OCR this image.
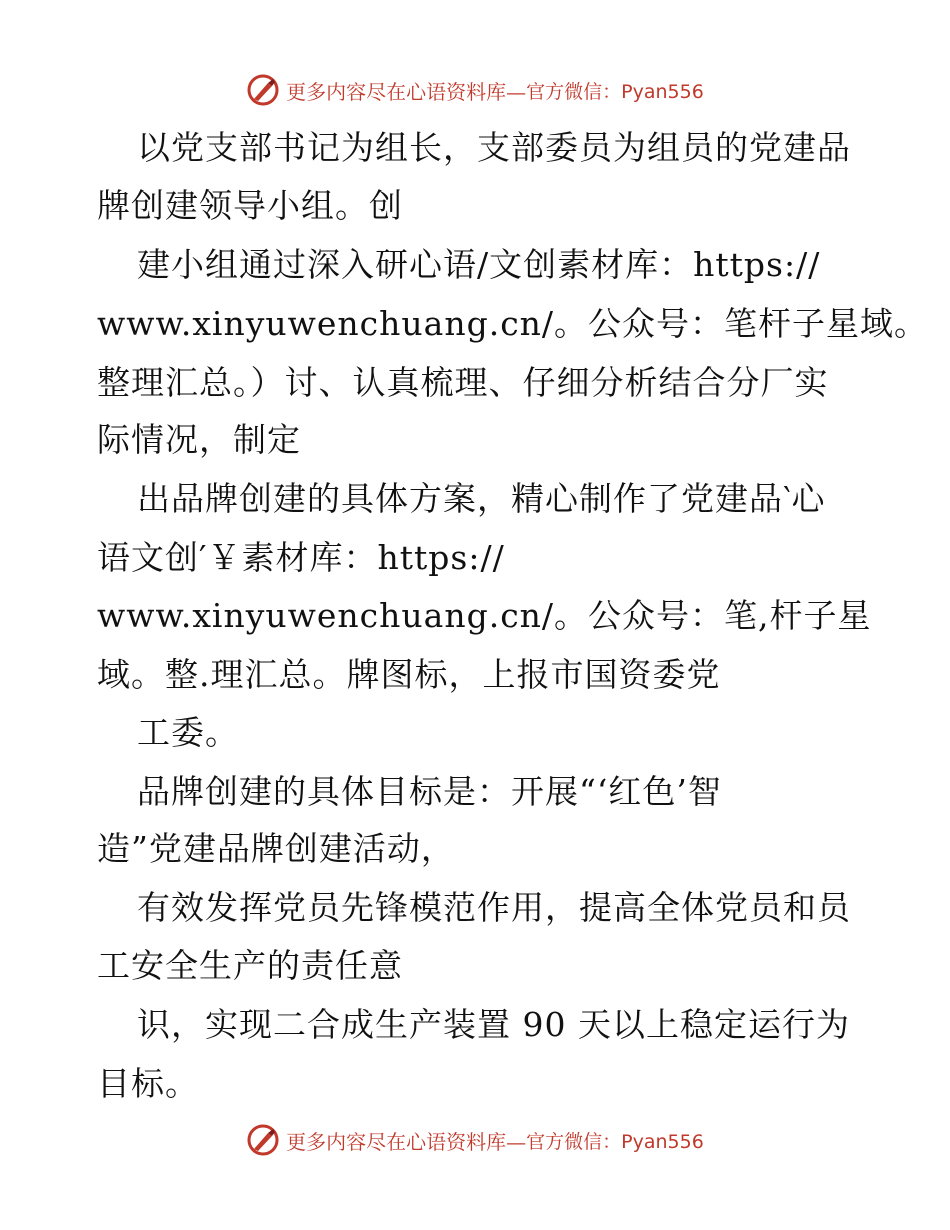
更多内容尽在心语资料库— 官方微信：Pyan556
以党支部书记为组长，支部委员为组员的党建品
牌创建领导小组。创
建小组通过深入研心语/文创素材库：https://
www.xinyuwenchuang.cn/。公众号：笔杆子星域。
整理汇总。）讨、认真梳理、仔细分析结合分厂实
际情况，制定
出品牌创建的具体方案，精心制作了党建品‵心
语文创′￥素材库：https://
www.xinyuwenchuang.cn/。公众号：笔,杆子星
域。整.理汇总。牌图标，上报市国资委党
工委。
品牌创建的具体目标是：开展“‘红色’智
造”党建品牌创建活动，
有效发挥党员先锋模范作用，提高全体党员和员
工安全生产的责任意
识，实现二合成生产装置 90 天以上稳定运行为
目标。
更多内容尽在心语资料库— 官方微信：Pyan556
